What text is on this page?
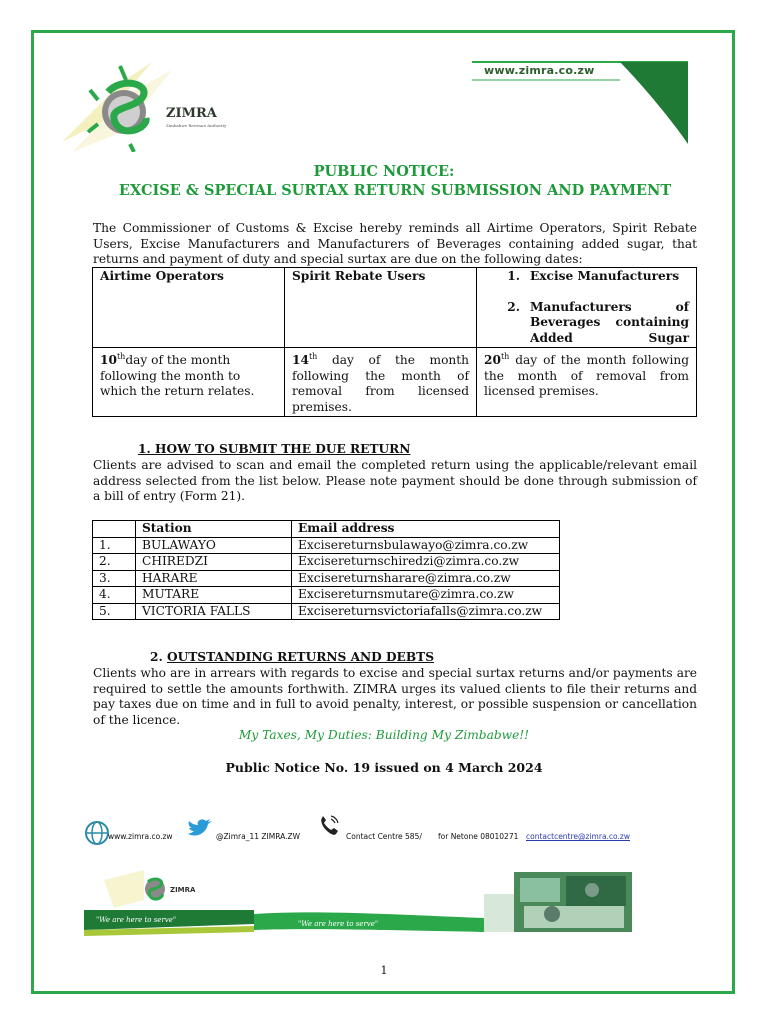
ZIMRA
Zimbabwe Revenue Authority
www.zimra.co.zw
PUBLIC NOTICE:
EXCISE & SPECIAL SURTAX RETURN SUBMISSION AND PAYMENT
The Commissioner of Customs & Excise hereby reminds all Airtime Operators, Spirit Rebate Users, Excise Manufacturers and Manufacturers of Beverages containing added sugar, that returns and payment of duty and special surtax are due on the following dates:
Airtime Operators	Spirit Rebate Users	1. Excise Manufacturers
2. Manufacturers of Beverages containing Added Sugar

10thday of the month following the month to which the return relates.	14th day of the month following the month of removal from licensed premises.	20th day of the month following the month of removal from licensed premises.
1. HOW TO SUBMIT THE DUE RETURN
Clients are advised to scan and email the completed return using the applicable/relevant email address selected from the list below. Please note payment should be done through submission of a bill of entry (Form 21).
	Station	Email address
1.	BULAWAYO	Excisereturnsbulawayo@zimra.co.zw
2.	CHIREDZI	Excisereturnschiredzi@zimra.co.zw
3.	HARARE	Excisereturnsharare@zimra.co.zw
4.	MUTARE	Excisereturnsmutare@zimra.co.zw
5.	VICTORIA FALLS	Excisereturnsvictoriafalls@zimra.co.zw
2. OUTSTANDING RETURNS AND DEBTS
Clients who are in arrears with regards to excise and special surtax returns and/or payments are required to settle the amounts forthwith. ZIMRA urges its valued clients to file their returns and pay taxes due on time and in full to avoid penalty, interest, or possible suspension or cancellation of the licence.
My Taxes, My Duties: Building My Zimbabwe!!
Public Notice No. 19 issued on 4 March 2024
www.zimra.co.zw	@Zimra_11 ZIMRA.ZW	Contact Centre 585/ for Netone 08010271 contactcentre@zimra.co.zw
ZIMRA
"We are here to serve"	"We are here to serve"
1
